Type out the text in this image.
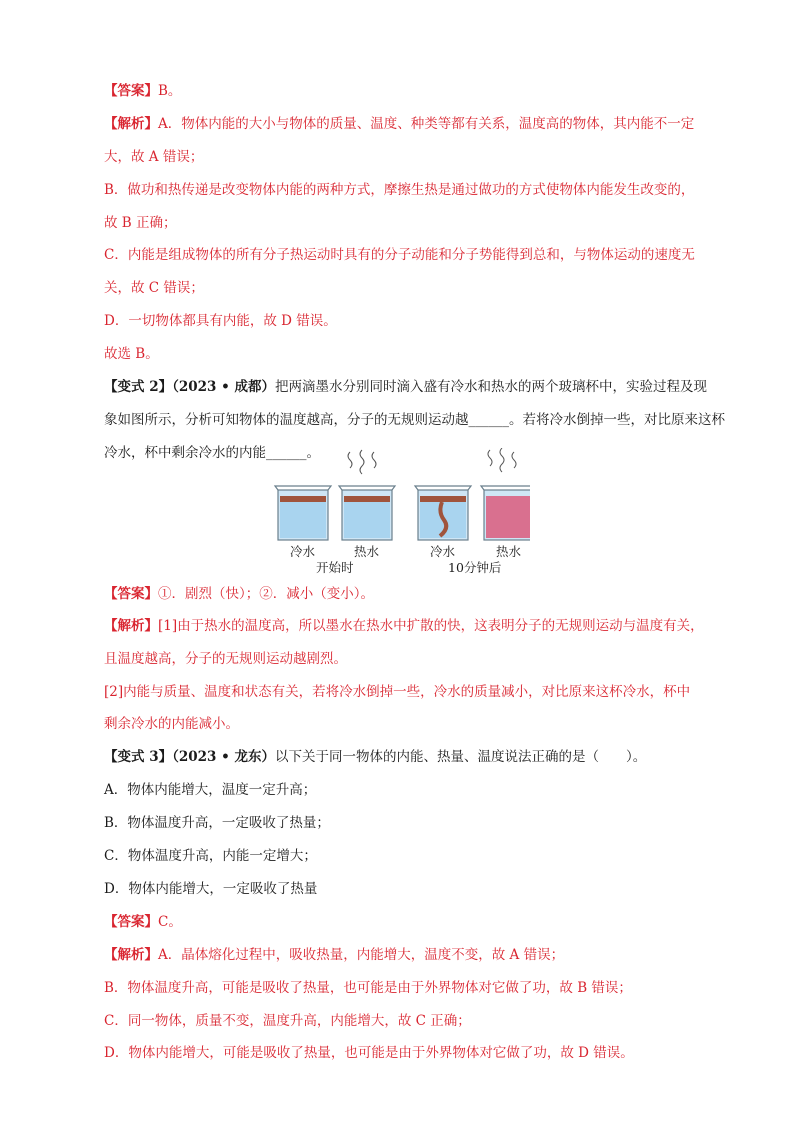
【答案】B。
【解析】A．物体内能的大小与物体的质量、温度、种类等都有关系，温度高的物体，其内能不一定
大，故 A 错误；
B．做功和热传递是改变物体内能的两种方式，摩擦生热是通过做功的方式使物体内能发生改变的，
故 B 正确；
C．内能是组成物体的所有分子热运动时具有的分子动能和分子势能得到总和，与物体运动的速度无
关，故 C 错误；
D．一切物体都具有内能，故 D 错误。
故选 B。
【变式 2】（2023 • 成都）把两滴墨水分别同时滴入盛有冷水和热水的两个玻璃杯中，实验过程及现
象如图所示，分析可知物体的温度越高，分子的无规则运动越______。若将冷水倒掉一些，对比原来这杯
冷水，杯中剩余冷水的内能______。
冷水	热水	冷水	热水
开始时	10分钟后
【答案】①．剧烈（快）；②．减小（变小）。
【解析】[1]由于热水的温度高，所以墨水在热水中扩散的快，这表明分子的无规则运动与温度有关，
且温度越高，分子的无规则运动越剧烈。
[2]内能与质量、温度和状态有关，若将冷水倒掉一些，冷水的质量减小，对比原来这杯冷水，杯中
剩余冷水的内能减小。
【变式 3】（2023 • 龙东）以下关于同一物体的内能、热量、温度说法正确的是（　　）。
A．物体内能增大，温度一定升高；
B．物体温度升高，一定吸收了热量；
C．物体温度升高，内能一定增大；
D．物体内能增大，一定吸收了热量
【答案】C。
【解析】A．晶体熔化过程中，吸收热量，内能增大，温度不变，故 A 错误；
B．物体温度升高，可能是吸收了热量，也可能是由于外界物体对它做了功，故 B 错误；
C．同一物体，质量不变，温度升高，内能增大，故 C 正确；
D．物体内能增大，可能是吸收了热量，也可能是由于外界物体对它做了功，故 D 错误。
